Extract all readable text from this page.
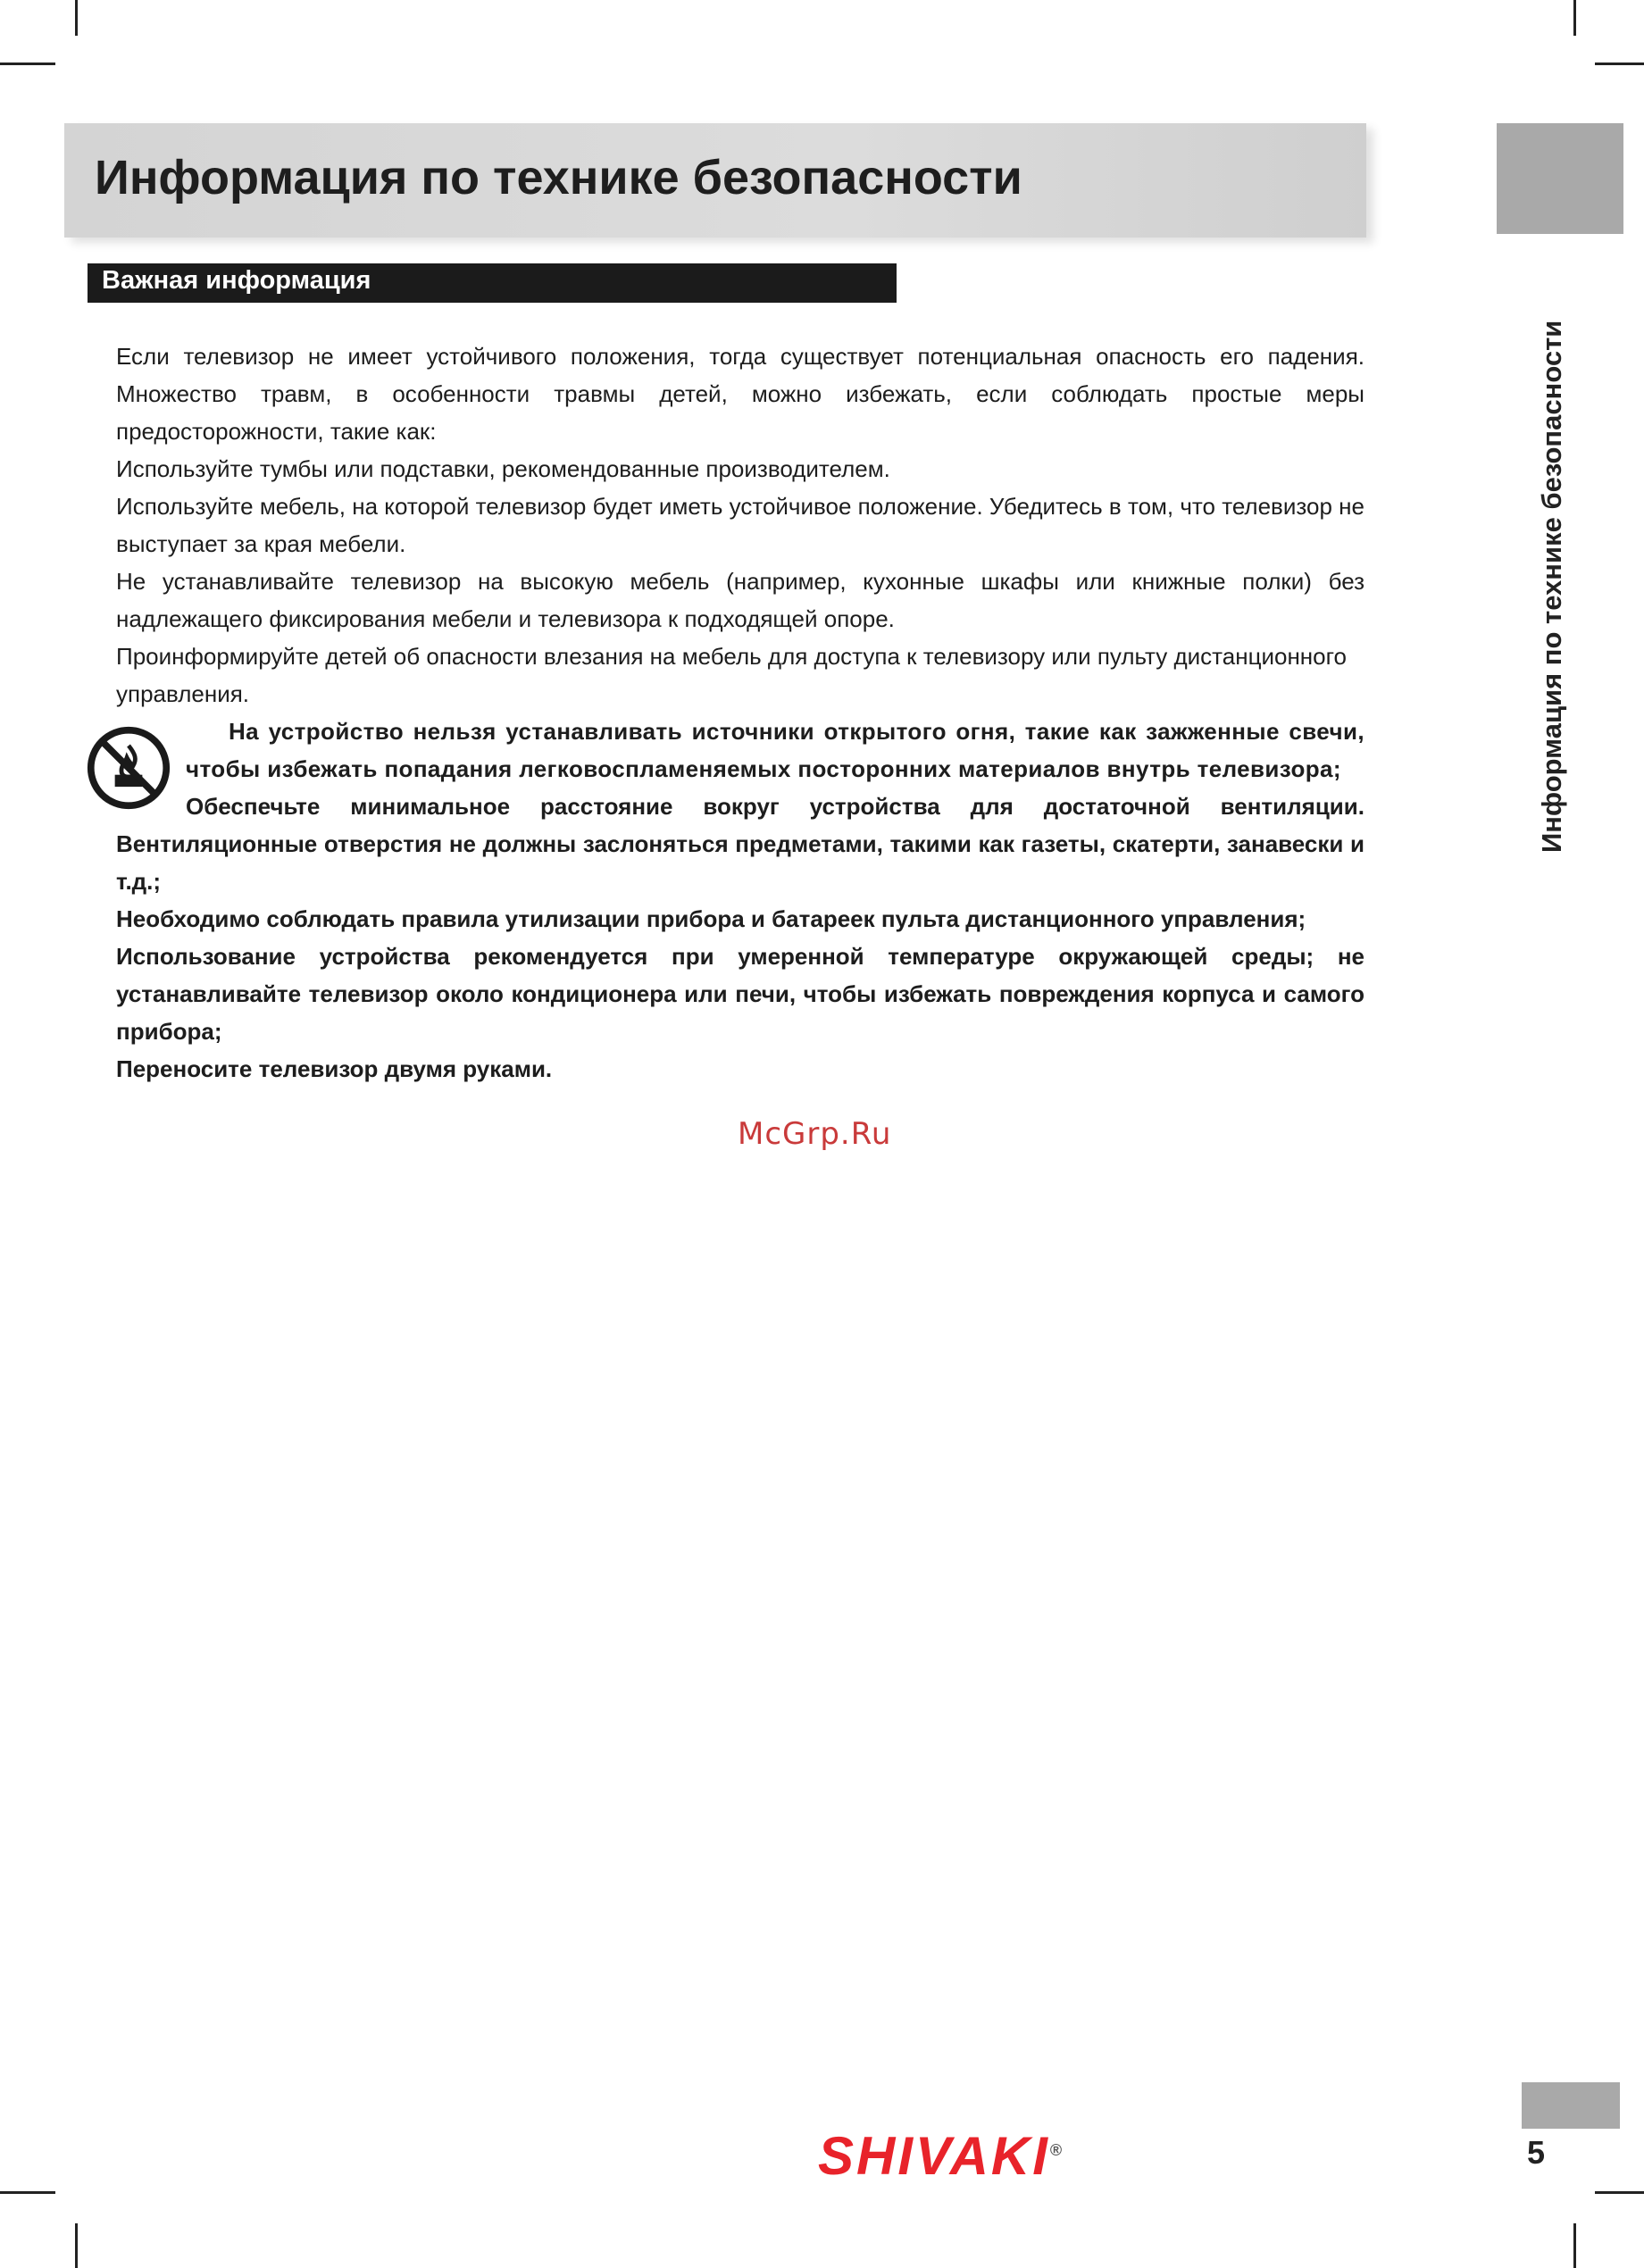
Информация по технике безопасности
Информация по технике безопасности
Важная информация

Если телевизор не имеет устойчивого положения, тогда существует потенциальная опасность его падения. Множество травм, в особенности травмы детей, можно избежать, если соблюдать простые меры предосторожности, такие как:

Используйте тумбы или подставки, рекомендованные производителем.

Используйте мебель, на которой телевизор будет иметь устойчивое положение. Убедитесь в том, что телевизор не выступает за края мебели.

Не устанавливайте телевизор на высокую мебель (например, кухонные шкафы или книжные полки) без надлежащего фиксирования мебели и телевизора к подходящей опоре.

Проинформируйте детей об опасности влезания на мебель для доступа к телевизору или пульту дистанционного управления.

На устройство нельзя устанавливать источники открытого огня, такие как зажженные свечи, чтобы избежать попадания легковоспламеняемых посторонних материалов внутрь телевизора;

Обеспечьте минимальное расстояние вокруг устройства для достаточной вентиляции. Вентиляционные отверстия не должны заслоняться предметами, такими как газеты, скатерти, занавески и т.д.;

Необходимо соблюдать правила утилизации прибора и батареек пульта дистанционного управления;

Использование устройства рекомендуется при умеренной температуре окружающей среды; не устанавливайте телевизор около кондиционера или печи, чтобы избежать повреждения корпуса и самого прибора;

Переносите телевизор двумя руками.

McGrp.Ru
SHIVAKI®	5
